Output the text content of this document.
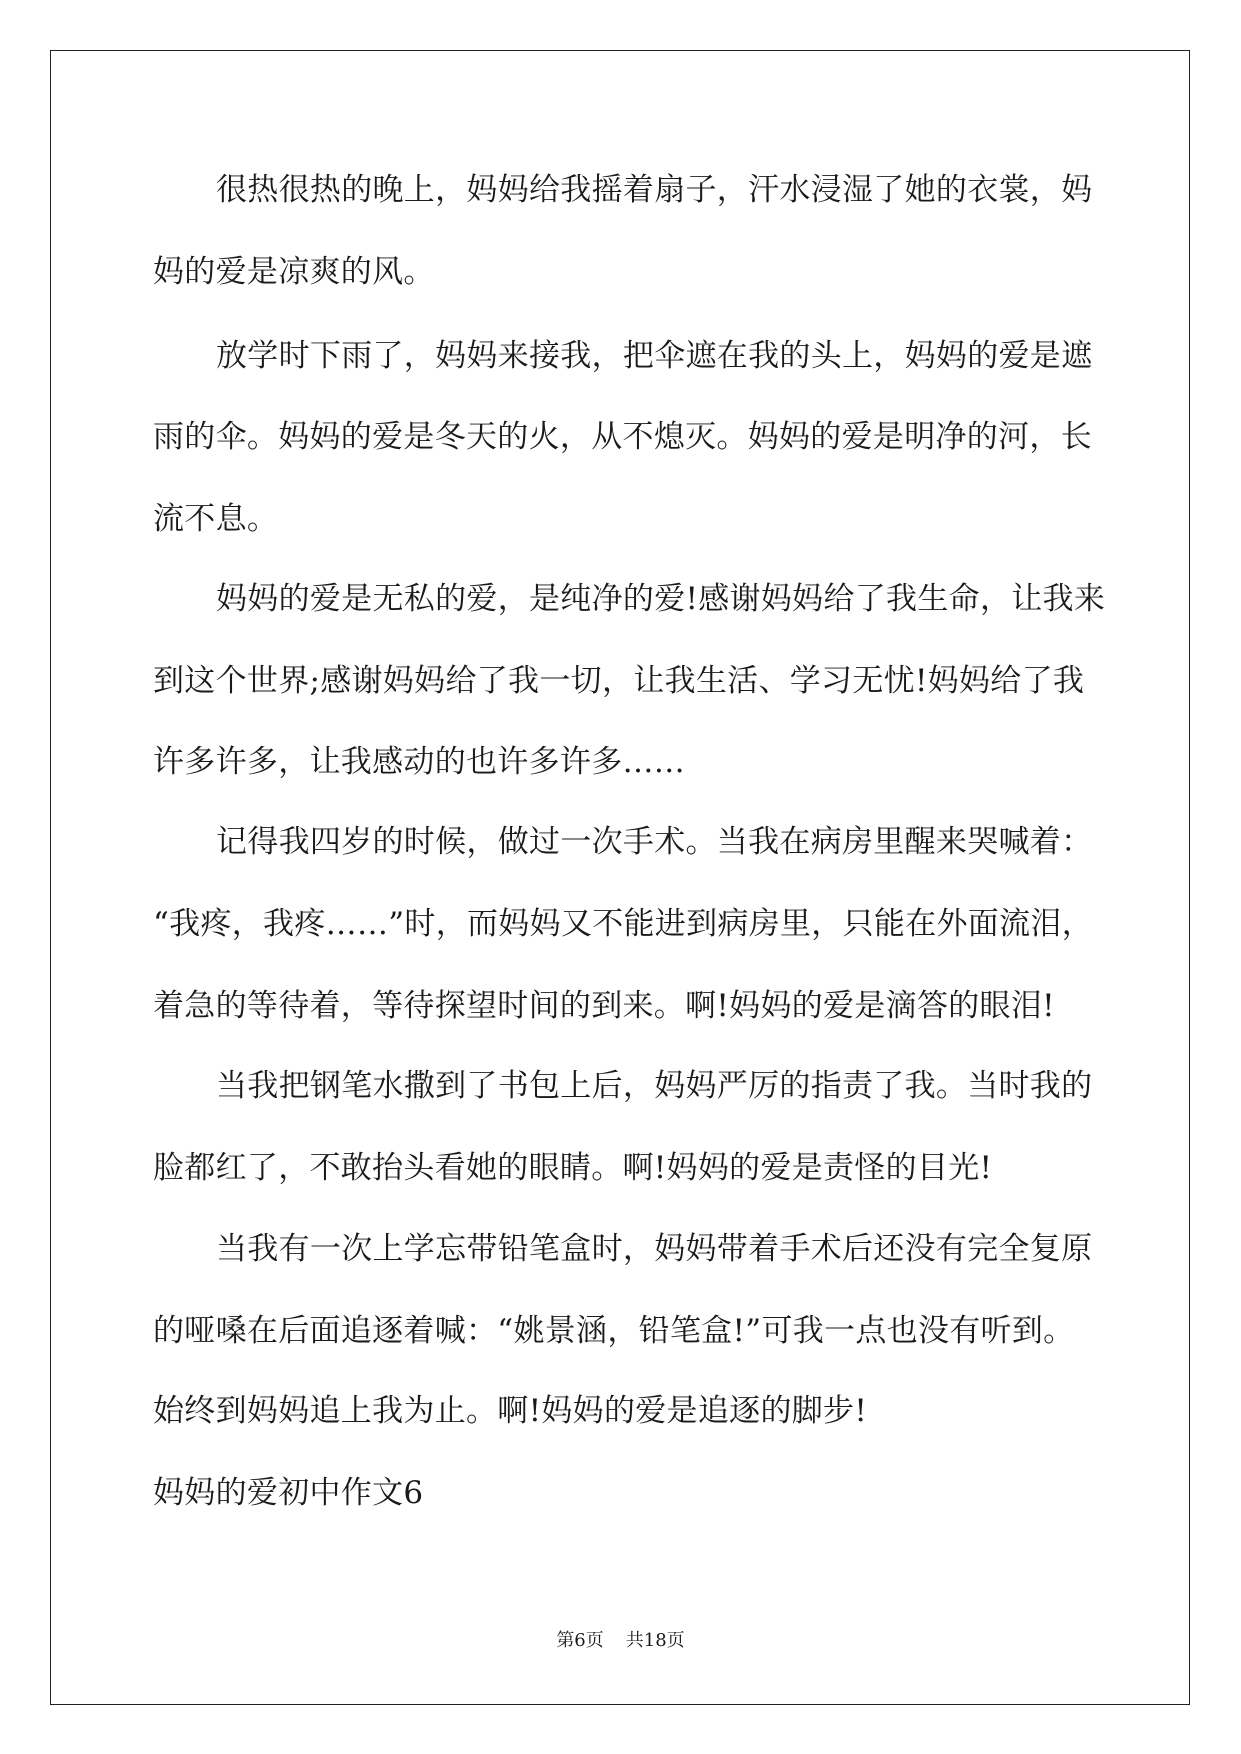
很热很热的晚上，妈妈给我摇着扇子，汗水浸湿了她的衣裳，妈
妈的爱是凉爽的风。
放学时下雨了，妈妈来接我，把伞遮在我的头上，妈妈的爱是遮
雨的伞。妈妈的爱是冬天的火，从不熄灭。妈妈的爱是明净的河，长
流不息。
妈妈的爱是无私的爱，是纯净的爱!感谢妈妈给了我生命，让我来
到这个世界;感谢妈妈给了我一切，让我生活、学习无忧!妈妈给了我
许多许多，让我感动的也许多许多……
记得我四岁的时候，做过一次手术。当我在病房里醒来哭喊着：
“我疼，我疼……”时，而妈妈又不能进到病房里，只能在外面流泪，
着急的等待着，等待探望时间的到来。啊!妈妈的爱是滴答的眼泪!
当我把钢笔水撒到了书包上后，妈妈严厉的指责了我。当时我的
脸都红了，不敢抬头看她的眼睛。啊!妈妈的爱是责怪的目光!
当我有一次上学忘带铅笔盒时，妈妈带着手术后还没有完全复原
的哑嗓在后面追逐着喊：“姚景涵，铅笔盒!”可我一点也没有听到。
始终到妈妈追上我为止。啊!妈妈的爱是追逐的脚步!
妈妈的爱初中作文6
第6页 共18页
